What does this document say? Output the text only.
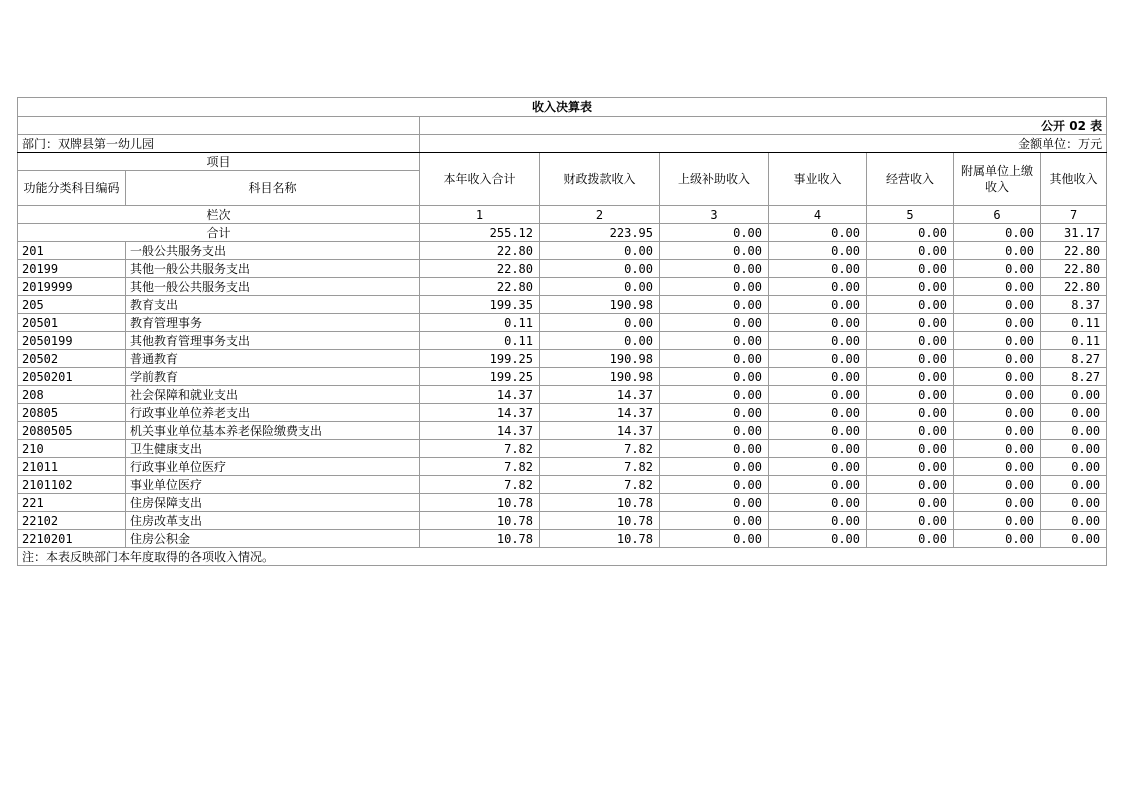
收入决算表								
		公开 02 表						
部门：双牌县第一幼儿园		金额单位：万元						
项目		本年收入合计	财政拨款收入	上级补助收入	事业收入	经营收入	附属单位上缴收入	其他收入
功能分类科目编码	科目名称							
栏次		1	2	3	4	5	6	7
合计		255.12	223.95	0.00	0.00	0.00	0.00	31.17
201	一般公共服务支出	22.80	0.00	0.00	0.00	0.00	0.00	22.80
20199	其他一般公共服务支出	22.80	0.00	0.00	0.00	0.00	0.00	22.80
2019999	其他一般公共服务支出	22.80	0.00	0.00	0.00	0.00	0.00	22.80
205	教育支出	199.35	190.98	0.00	0.00	0.00	0.00	8.37
20501	教育管理事务	0.11	0.00	0.00	0.00	0.00	0.00	0.11
2050199	其他教育管理事务支出	0.11	0.00	0.00	0.00	0.00	0.00	0.11
20502	普通教育	199.25	190.98	0.00	0.00	0.00	0.00	8.27
2050201	学前教育	199.25	190.98	0.00	0.00	0.00	0.00	8.27
208	社会保障和就业支出	14.37	14.37	0.00	0.00	0.00	0.00	0.00
20805	行政事业单位养老支出	14.37	14.37	0.00	0.00	0.00	0.00	0.00
2080505	机关事业单位基本养老保险缴费支出	14.37	14.37	0.00	0.00	0.00	0.00	0.00
210	卫生健康支出	7.82	7.82	0.00	0.00	0.00	0.00	0.00
21011	行政事业单位医疗	7.82	7.82	0.00	0.00	0.00	0.00	0.00
2101102	事业单位医疗	7.82	7.82	0.00	0.00	0.00	0.00	0.00
221	住房保障支出	10.78	10.78	0.00	0.00	0.00	0.00	0.00
22102	住房改革支出	10.78	10.78	0.00	0.00	0.00	0.00	0.00
2210201	住房公积金	10.78	10.78	0.00	0.00	0.00	0.00	0.00
注：本表反映部门本年度取得的各项收入情况。								
